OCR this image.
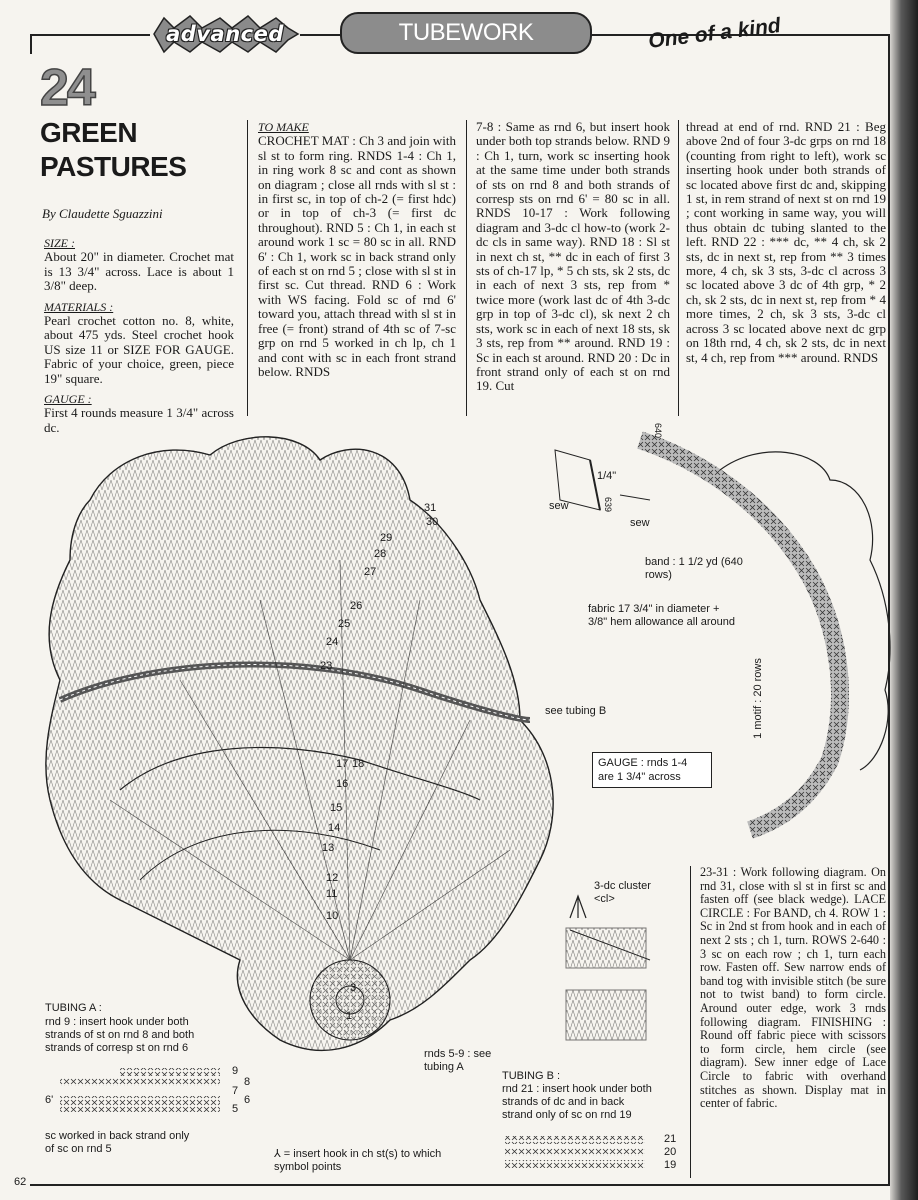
advanced	TUBEWORK	One of a kind
24
GREEN PASTURES
By Claudette Sguazzini
SIZE :

About 20" in diameter. Crochet mat is 13 3/4" across. Lace is about 1 3/8" deep.

MATERIALS :

Pearl crochet cotton no. 8, white, about 475 yds. Steel crochet hook US size 11 or SIZE FOR GAUGE. Fabric of your choice, green, piece 19" square.

GAUGE :

First 4 rounds measure 1 3/4" across dc.

TO MAKE

CROCHET MAT : Ch 3 and join with sl st to form ring. RNDS 1-4 : Ch 1, in ring work 8 sc and cont as shown on diagram ; close all rnds with sl st : in first sc, in top of ch-2 (= first hdc) or in top of ch-3 (= first dc throughout). RND 5 : Ch 1, in each st around work 1 sc = 80 sc in all. RND 6' : Ch 1, work sc in back strand only of each st on rnd 5 ; close with sl st in first sc. Cut thread. RND 6 : Work with WS facing. Fold sc of rnd 6' toward you, attach thread with sl st in free (= front) strand of 4th sc of 7-sc grp on rnd 5 worked in ch lp, ch 1 and cont with sc in each front strand below. RNDS

7-8 : Same as rnd 6, but insert hook under both top strands below. RND 9 : Ch 1, turn, work sc inserting hook at the same time under both strands of sts on rnd 8 and both strands of corresp sts on rnd 6' = 80 sc in all. RNDS 10-17 : Work following diagram and 3-dc cl how-to (work 2-dc cls in same way). RND 18 : Sl st in next ch st, ** dc in each of first 3 sts of ch-17 lp, * 5 ch sts, sk 2 sts, dc in each of next 3 sts, rep from * twice more (work last dc of 4th 3-dc grp in top of 3-dc cl), sk next 2 ch sts, work sc in each of next 18 sts, sk 3 sts, rep from ** around. RND 19 : Sc in each st around. RND 20 : Dc in front strand only of each st on rnd 19. Cut

thread at end of rnd. RND 21 : Beg above 2nd of four 3-dc grps on rnd 18 (counting from right to left), work sc inserting hook under both strands of sc located above first dc and, skipping 1 st, in rem strand of next st on rnd 19 ; cont working in same way, you will thus obtain dc tubing slanted to the left. RND 22 : *** dc, ** 4 ch, sk 2 sts, dc in next st, rep from ** 3 times more, 4 ch, sk 3 sts, 3-dc cl across 3 sc located above 3 dc of 4th grp, * 2 ch, sk 2 sts, dc in next st, rep from * 4 more times, 2 ch, sk 3 sts, 3-dc cl across 3 sc located above next dc grp on 18th rnd, 4 ch, sk 2 sts, dc in next st, 4 ch, rep from *** around. RNDS

23-31 : Work following diagram. On rnd 31, close with sl st in first sc and fasten off (see black wedge). LACE CIRCLE : For BAND, ch 4. ROW 1 : Sc in 2nd st from hook and in each of next 2 sts ; ch 1, turn. ROWS 2-640 : 3 sc on each row ; ch 1, turn each row. Fasten off. Sew narrow ends of band tog with invisible stitch (be sure not to twist band) to form circle. Around outer edge, work 3 rnds following diagram. FINISHING : Round off fabric piece with scissors to form circle, hem circle (see diagram). Sew inner edge of Lace Circle to fabric with overhand stitches as shown. Display mat in center of fabric.

31
30
29
28
27
26
25
24
23
17 18
16
15
14
13
12
11
10
3
1
see tubing B
rnds 5-9 : see tubing A
GAUGE : rnds 1-4 are 1 3/4" across
sew
1/4"
sew
640
639
band : 1 1/2 yd (640 rows)
fabric 17 3/4" in diameter + 3/8" hem allowance all around
1 motif : 20 rows
3-dc cluster <cl>
TUBING A :
rnd 9 : insert hook under both strands of st on rnd 8 and both strands of corresp st on rnd 6
9
8
7
6
5
6'
sc worked in back strand only of sc on rnd 5
TUBING B :
rnd 21 : insert hook under both strands of dc and in back strand only of sc on rnd 19
21
20
19
⅄ = insert hook in ch st(s) to which symbol points
62
